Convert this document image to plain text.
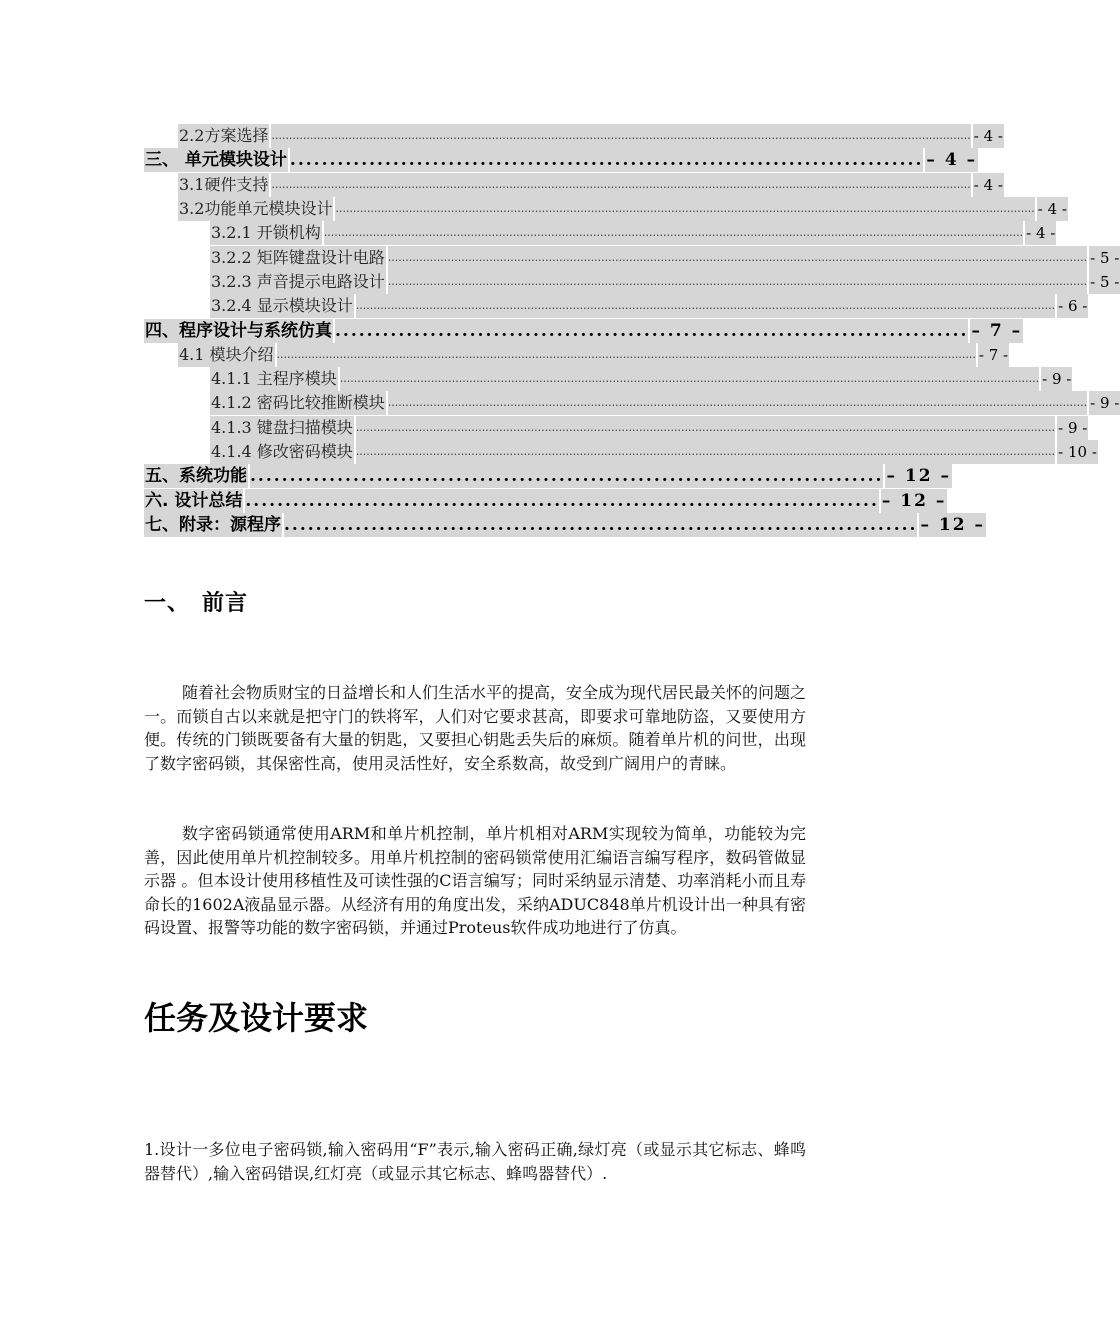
2.2方案选择 ........................................................................................................................................................................................................ - 4 -
三、 单元模块设计 ................................................................................ – 4 –
3.1硬件支持 ........................................................................................................................................................................................................ - 4 -
3.2功能单元模块设计 ........................................................................................................................................................................................................ - 4 -
3.2.1 开锁机构 ........................................................................................................................................................................................................ - 4 -
3.2.2 矩阵键盘设计电路 ........................................................................................................................................................................................................ - 5 -
3.2.3 声音提示电路设计 ........................................................................................................................................................................................................ - 5 -
3.2.4 显示模块设计 ........................................................................................................................................................................................................ - 6 -
四、程序设计与系统仿真 ................................................................................ – 7 –
4.1 模块介绍 ........................................................................................................................................................................................................ - 7 -
4.1.1 主程序模块 ........................................................................................................................................................................................................ - 9 -
4.1.2 密码比较推断模块 ........................................................................................................................................................................................................ - 9 -
4.1.3 键盘扫描模块 ........................................................................................................................................................................................................ - 9 -
4.1.4 修改密码模块 ........................................................................................................................................................................................................ - 10 -
五、系统功能 ................................................................................ – 12 –
六. 设计总结 ................................................................................ – 12 –
七、附录：源程序 ................................................................................ – 12 –
一、　前言

随着社会物质财宝的日益增长和人们生活水平的提高，安全成为现代居民最关怀的问题之一。而锁自古以来就是把守门的铁将军，人们对它要求甚高，即要求可靠地防盗，又要使用方便。传统的门锁既要备有大量的钥匙，又要担心钥匙丢失后的麻烦。随着单片机的问世，出现了数字密码锁，其保密性高，使用灵活性好，安全系数高，故受到广阔用户的青睐。

数字密码锁通常使用ARM和单片机控制，单片机相对ARM实现较为简单，功能较为完善，因此使用单片机控制较多。用单片机控制的密码锁常使用汇编语言编写程序，数码管做显示器 。但本设计使用移植性及可读性强的C语言编写；同时采纳显示清楚、功率消耗小而且寿命长的1602A液晶显示器。从经济有用的角度出发，采纳ADUC848单片机设计出一种具有密码设置、报警等功能的数字密码锁，并通过Proteus软件成功地进行了仿真。

任务及设计要求

1.设计一多位电子密码锁,输入密码用“F”表示,输入密码正确,绿灯亮（或显示其它标志、蜂鸣器替代）,输入密码错误,红灯亮（或显示其它标志、蜂鸣器替代）.
